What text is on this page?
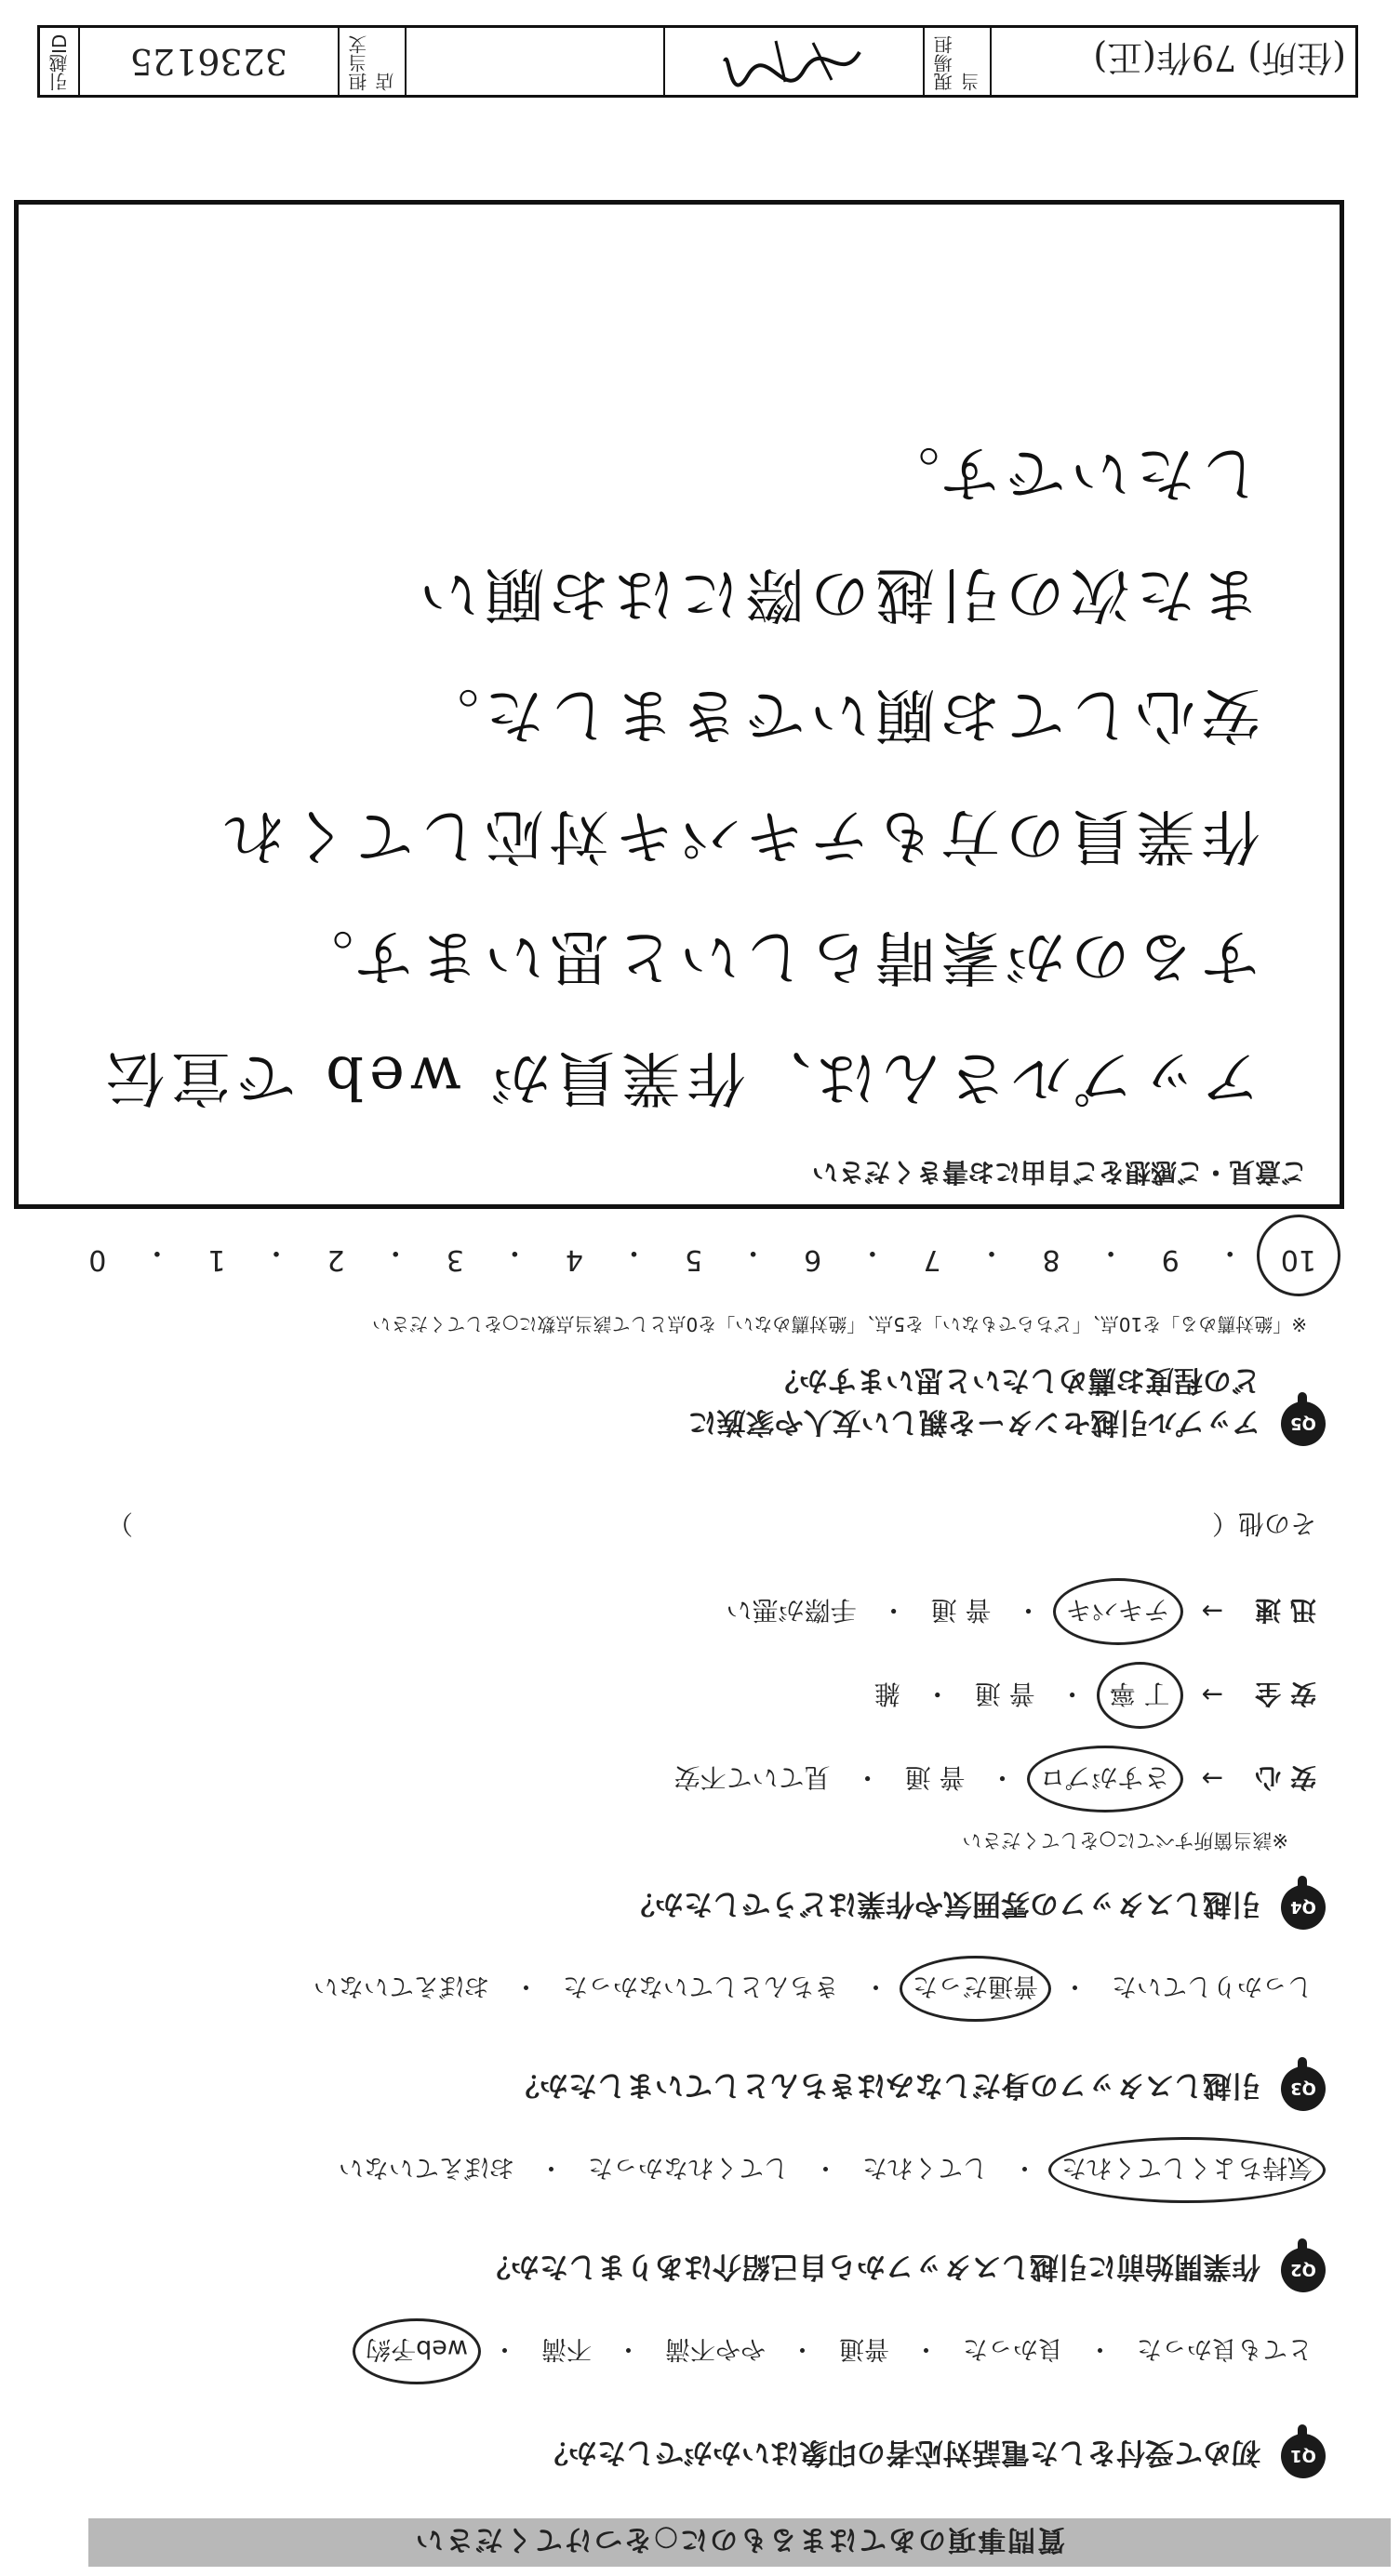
質問事項のあてはまるものに○をつけてください
Q1
初めて受付をした電話対応者の印象はいかがでしたか？
とても良かった
・
良かった
・
普通
・
やや不満
・
不満
・
web予約
Q2
作業開始前に引越しスタッフから自己紹介はありましたか？
気持ちよくしてくれた
・
してくれた
・
してくれなかった
・
おぼえていない
Q3
引越しスタッフの身だしなみはきちんとしていましたか？
しっかりしていた
・
普通だった
・
きちんとしていなかった
・
おぼえていない
Q4
引越しスタッフの雰囲気や作業はどうでしたか？
※該当箇所すべてに○をしてください
安 心
→
さすがプロ
・
普 通
・
見ていて不安
安 全
→
丁 寧
・
普 通
・
雑
迅 速
→
テキパキ
・
普 通
・
手際が悪い
その他（
）
Q5
アップル引越センターを親しい友人や家族に
どの程度お薦めしたいと思いますか？
※「絶対薦める」を10点、「どちらでもない」を5点、「絶対薦めない」を0点として該当点数に○をしてください
10
・
9
・
8
・
7
・
6
・
5
・
4
・
3
・
2
・
1
・
0
ご意見・ご感想をご自由にお書きください
アップルさんは、作業員が web で宣伝
するのが素晴らしいと思います。
作業員の方もテキパキ対応してくれ
安心してお願いできました。
また次の引越の際にはお願い
したいです。
(住所) 79作(正)
現場担当
担当支店
3236125
引越ID
